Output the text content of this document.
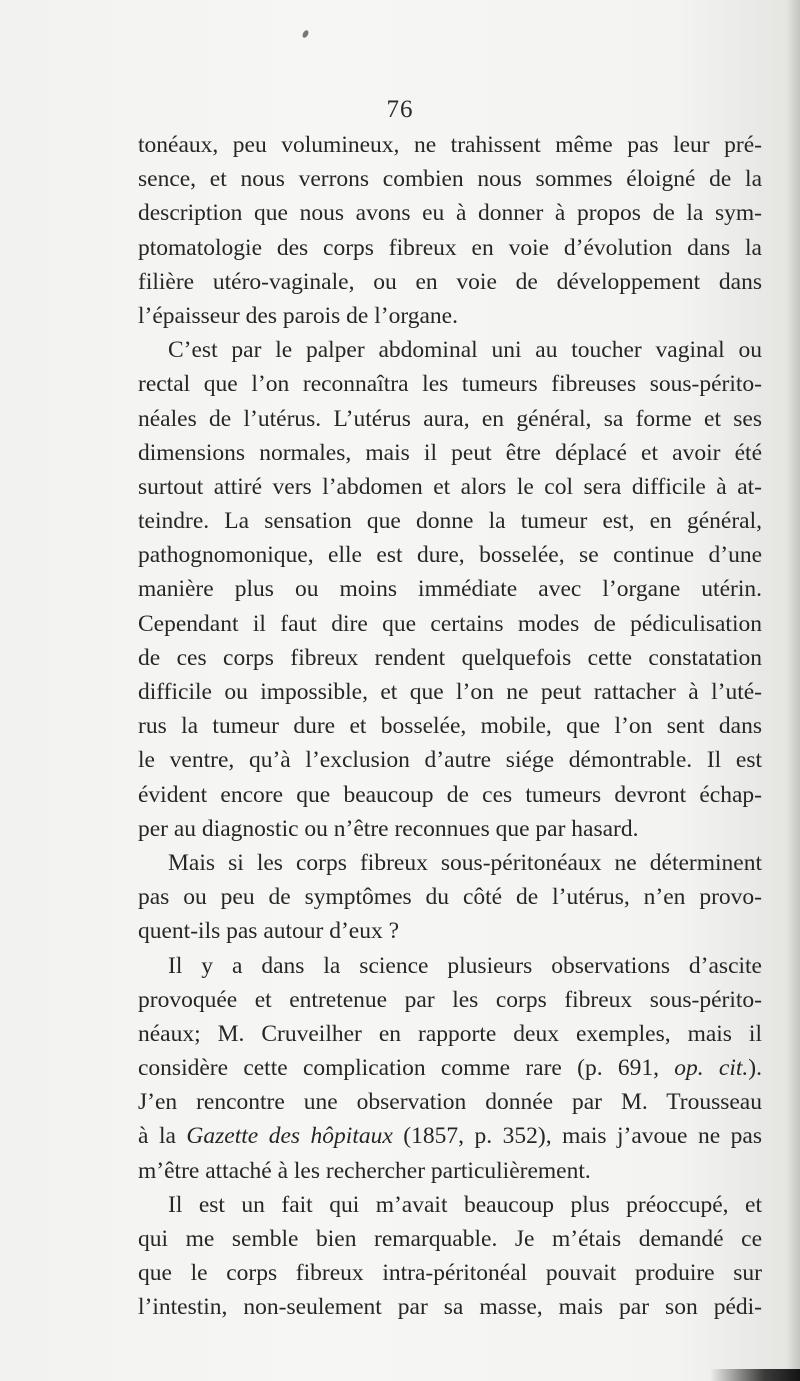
76
tonéaux, peu volumineux, ne trahissent même pas leur pré-
sence, et nous verrons combien nous sommes éloigné de la
description que nous avons eu à donner à propos de la sym-
ptomatologie des corps fibreux en voie d’évolution dans la
filière utéro-vaginale, ou en voie de développement dans
l’épaisseur des parois de l’organe.
C’est par le palper abdominal uni au toucher vaginal ou
rectal que l’on reconnaîtra les tumeurs fibreuses sous-périto-
néales de l’utérus. L’utérus aura, en général, sa forme et ses
dimensions normales, mais il peut être déplacé et avoir été
surtout attiré vers l’abdomen et alors le col sera difficile à at-
teindre. La sensation que donne la tumeur est, en général,
pathognomonique, elle est dure, bosselée, se continue d’une
manière plus ou moins immédiate avec l’organe utérin.
Cependant il faut dire que certains modes de pédiculisation
de ces corps fibreux rendent quelquefois cette constatation
difficile ou impossible, et que l’on ne peut rattacher à l’uté-
rus la tumeur dure et bosselée, mobile, que l’on sent dans
le ventre, qu’à l’exclusion d’autre siége démontrable. Il est
évident encore que beaucoup de ces tumeurs devront échap-
per au diagnostic ou n’être reconnues que par hasard.
Mais si les corps fibreux sous-péritonéaux ne déterminent
pas ou peu de symptômes du côté de l’utérus, n’en provo-
quent-ils pas autour d’eux ?
Il y a dans la science plusieurs observations d’ascite
provoquée et entretenue par les corps fibreux sous-périto-
néaux; M. Cruveilher en rapporte deux exemples, mais il
considère cette complication comme rare (p. 691, op. cit.).
J’en rencontre une observation donnée par M. Trousseau
à la Gazette des hôpitaux (1857, p. 352), mais j’avoue ne pas
m’être attaché à les rechercher particulièrement.
Il est un fait qui m’avait beaucoup plus préoccupé, et
qui me semble bien remarquable. Je m’étais demandé ce
que le corps fibreux intra-péritonéal pouvait produire sur
l’intestin, non-seulement par sa masse, mais par son pédi-
